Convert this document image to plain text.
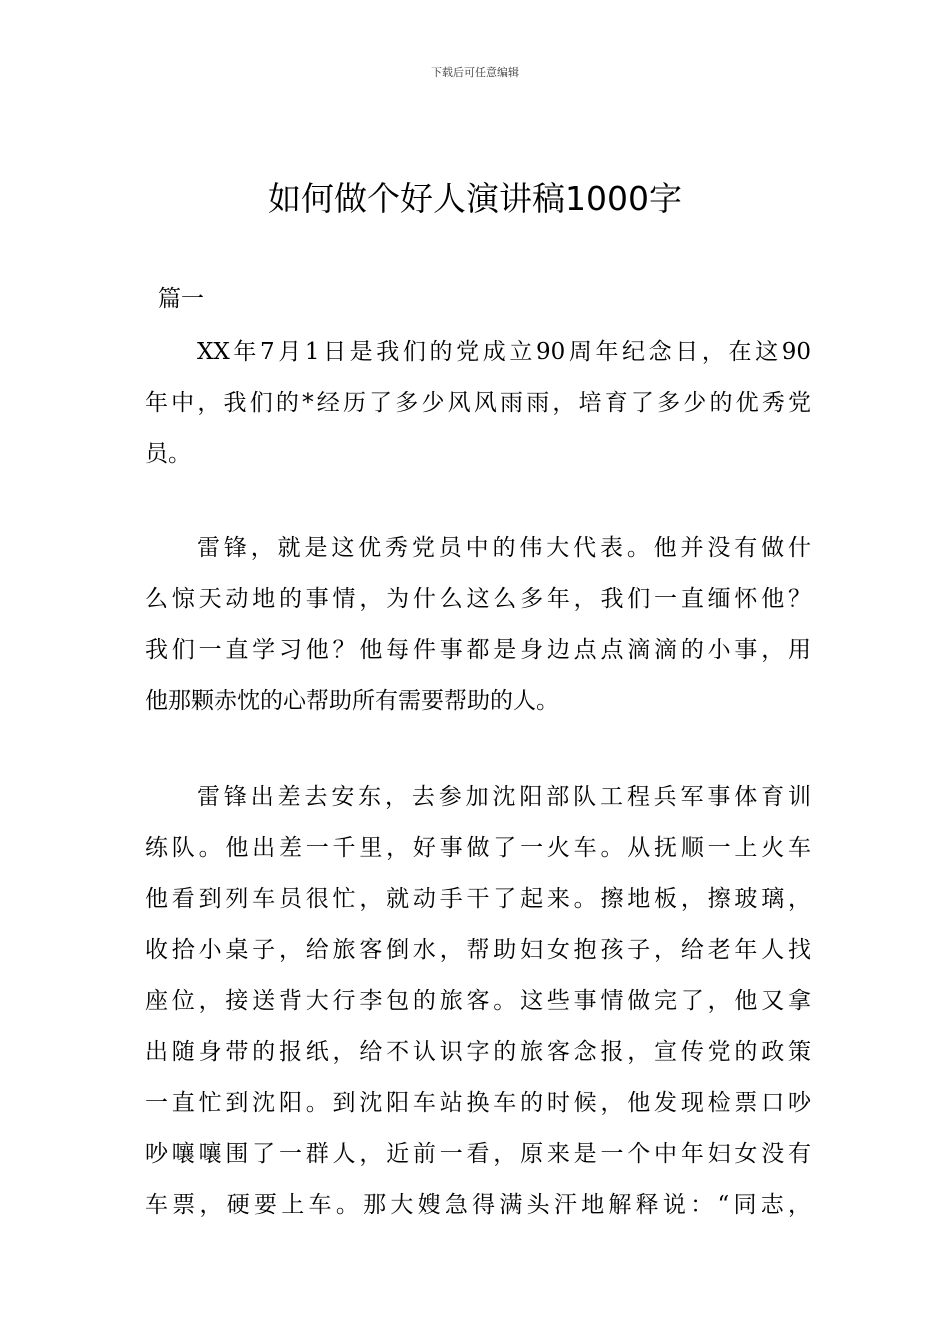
下载后可任意编辑
如何做个好人演讲稿1000字
篇一
XX年7月1日是我们的党成立90周年纪念日，在这90
年中，我们的*经历了多少风风雨雨，培育了多少的优秀党
员。
雷锋，就是这优秀党员中的伟大代表。他并没有做什
么惊天动地的事情，为什么这么多年，我们一直缅怀他？
我们一直学习他？他每件事都是身边点点滴滴的小事，用
他那颗赤忱的心帮助所有需要帮助的人。
雷锋出差去安东，去参加沈阳部队工程兵军事体育训
练队。他出差一千里，好事做了一火车。从抚顺一上火车
他看到列车员很忙，就动手干了起来。擦地板，擦玻璃，
收拾小桌子，给旅客倒水，帮助妇女抱孩子，给老年人找
座位，接送背大行李包的旅客。这些事情做完了，他又拿
出随身带的报纸，给不认识字的旅客念报，宣传党的政策
一直忙到沈阳。到沈阳车站换车的时候，他发现检票口吵
吵嚷嚷围了一群人，近前一看，原来是一个中年妇女没有
车票，硬要上车。那大嫂急得满头汗地解释说：“同志，
